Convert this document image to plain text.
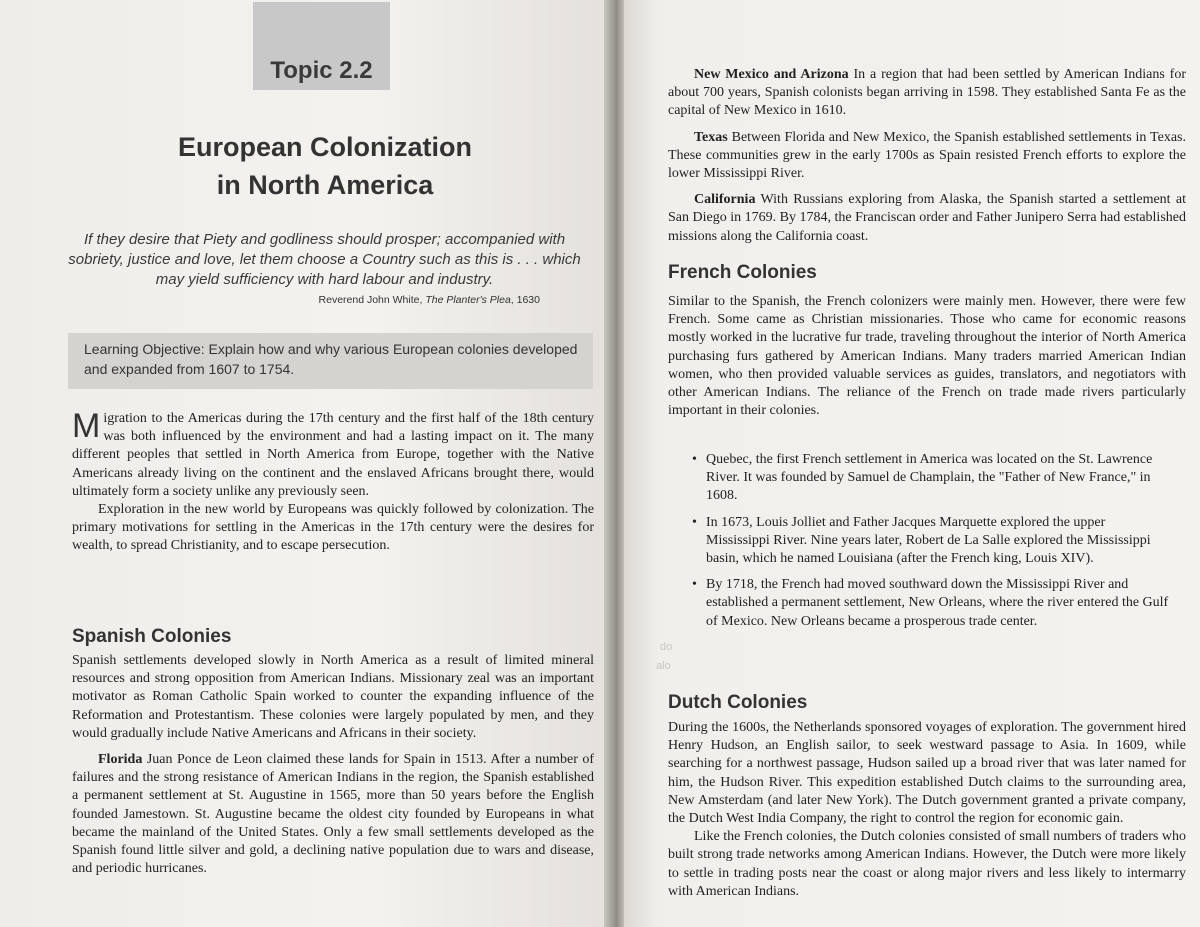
Topic 2.2
European Colonization
in North America
If they desire that Piety and godliness should prosper; accompanied with sobriety, justice and love, let them choose a Country such as this is . . . which may yield sufficiency with hard labour and industry.
Reverend John White, The Planter's Plea, 1630
Learning Objective: Explain how and why various European colonies developed and expanded from 1607 to 1754.

Migration to the Americas during the 17th century and the first half of the 18th century was both influenced by the environment and had a lasting impact on it. The many different peoples that settled in North America from Europe, together with the Native Americans already living on the continent and the enslaved Africans brought there, would ultimately form a society unlike any previously seen.

Exploration in the new world by Europeans was quickly followed by colonization. The primary motivations for settling in the Americas in the 17th century were the desires for wealth, to spread Christianity, and to escape persecution.

Spanish Colonies

Spanish settlements developed slowly in North America as a result of limited mineral resources and strong opposition from American Indians. Missionary zeal was an important motivator as Roman Catholic Spain worked to counter the expanding influence of the Reformation and Protestantism. These colonies were largely populated by men, and they would gradually include Native Americans and Africans in their society.

Florida Juan Ponce de Leon claimed these lands for Spain in 1513. After a number of failures and the strong resistance of American Indians in the region, the Spanish established a permanent settlement at St. Augustine in 1565, more than 50 years before the English founded Jamestown. St. Augustine became the oldest city founded by Europeans in what became the mainland of the United States. Only a few small settlements developed as the Spanish found little silver and gold, a declining native population due to wars and disease, and periodic hurricanes.

New Mexico and Arizona In a region that had been settled by American Indians for about 700 years, Spanish colonists began arriving in 1598. They established Santa Fe as the capital of New Mexico in 1610.

Texas Between Florida and New Mexico, the Spanish established settlements in Texas. These communities grew in the early 1700s as Spain resisted French efforts to explore the lower Mississippi River.

California With Russians exploring from Alaska, the Spanish started a settlement at San Diego in 1769. By 1784, the Franciscan order and Father Junipero Serra had established missions along the California coast.

French Colonies

Similar to the Spanish, the French colonizers were mainly men. However, there were few French. Some came as Christian missionaries. Those who came for economic reasons mostly worked in the lucrative fur trade, traveling throughout the interior of North America purchasing furs gathered by American Indians. Many traders married American Indian women, who then provided valuable services as guides, translators, and negotiators with other American Indians. The reliance of the French on trade made rivers particularly important in their colonies.

• Quebec, the first French settlement in America was located on the St. Lawrence River. It was founded by Samuel de Champlain, the "Father of New France," in 1608.
• In 1673, Louis Jolliet and Father Jacques Marquette explored the upper Mississippi River. Nine years later, Robert de La Salle explored the Mississippi basin, which he named Louisiana (after the French king, Louis XIV).
• By 1718, the French had moved southward down the Mississippi River and established a permanent settlement, New Orleans, where the river entered the Gulf of Mexico. New Orleans became a prosperous trade center.
do
alo
Dutch Colonies

During the 1600s, the Netherlands sponsored voyages of exploration. The government hired Henry Hudson, an English sailor, to seek westward passage to Asia. In 1609, while searching for a northwest passage, Hudson sailed up a broad river that was later named for him, the Hudson River. This expedition established Dutch claims to the surrounding area, New Amsterdam (and later New York). The Dutch government granted a private company, the Dutch West India Company, the right to control the region for economic gain.

Like the French colonies, the Dutch colonies consisted of small numbers of traders who built strong trade networks among American Indians. However, the Dutch were more likely to settle in trading posts near the coast or along major rivers and less likely to intermarry with American Indians.
